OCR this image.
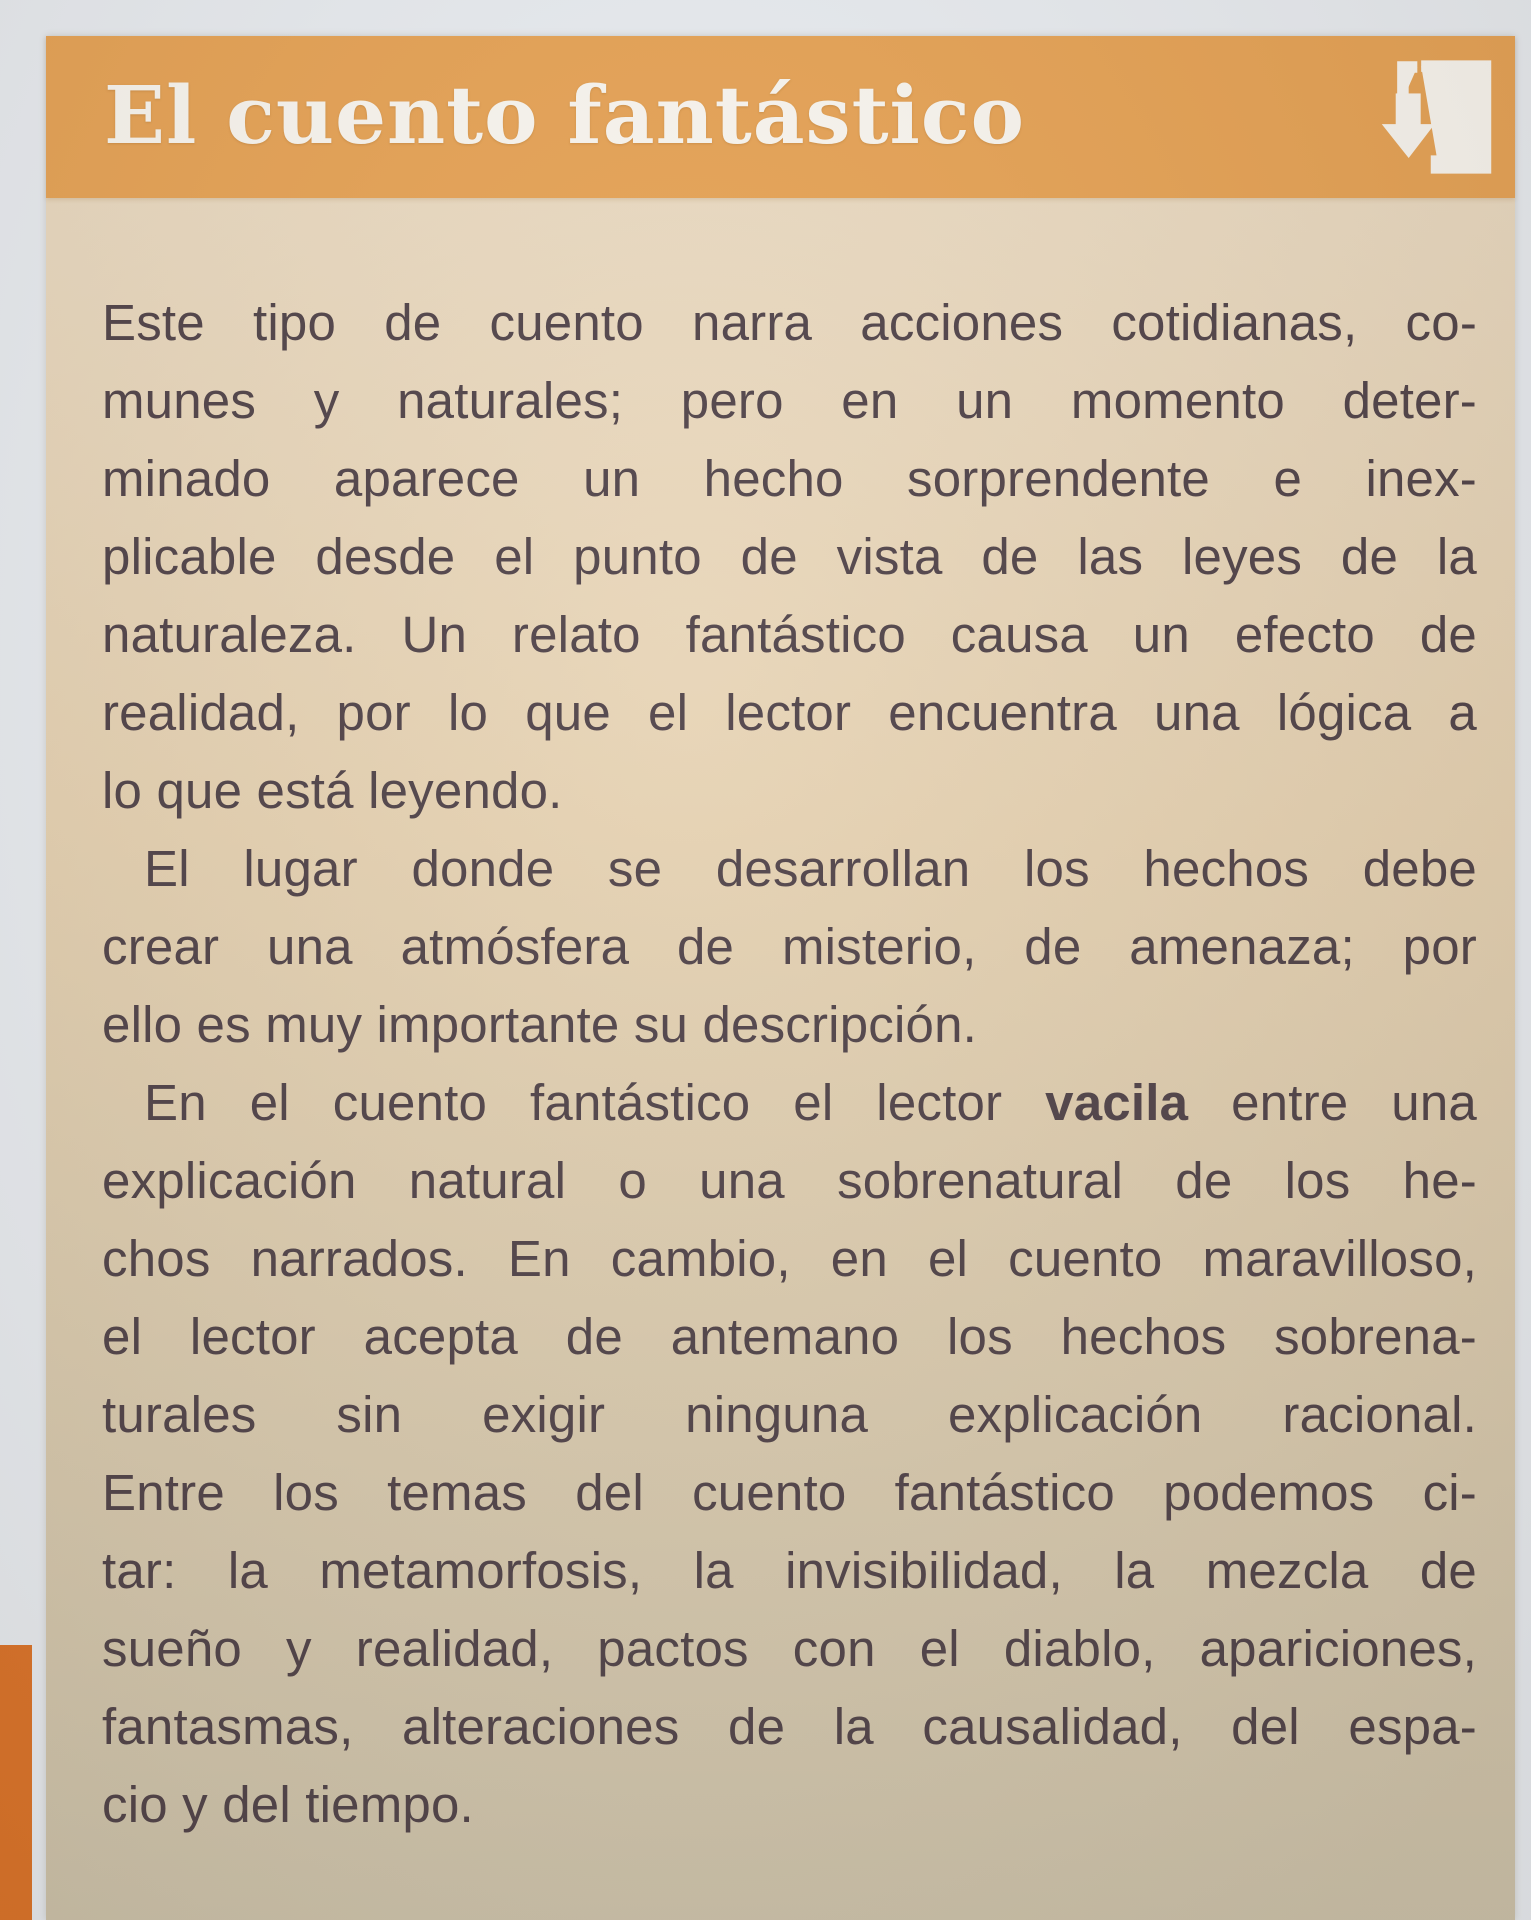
El cuento fantástico
Este tipo de cuento narra acciones cotidianas, co-
munes y naturales; pero en un momento deter-
minado aparece un hecho sorprendente e inex-
plicable desde el punto de vista de las leyes de la
naturaleza. Un relato fantástico causa un efecto de
realidad, por lo que el lector encuentra una lógica a
lo que está leyendo.
El lugar donde se desarrollan los hechos debe
crear una atmósfera de misterio, de amenaza; por
ello es muy importante su descripción.
En el cuento fantástico el lector vacila entre una
explicación natural o una sobrenatural de los he-
chos narrados. En cambio, en el cuento maravilloso,
el lector acepta de antemano los hechos sobrena-
turales sin exigir ninguna explicación racional.
Entre los temas del cuento fantástico podemos ci-
tar: la metamorfosis, la invisibilidad, la mezcla de
sueño y realidad, pactos con el diablo, apariciones,
fantasmas, alteraciones de la causalidad, del espa-
cio y del tiempo.
